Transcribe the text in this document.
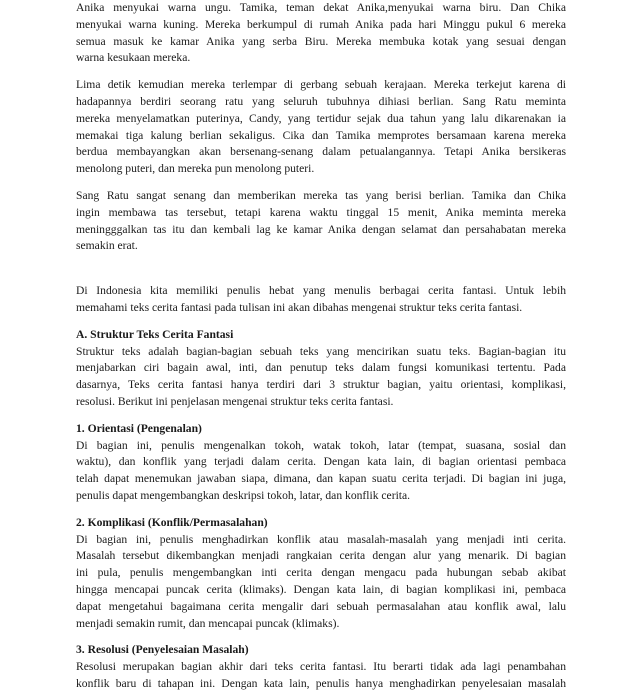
Anika menyukai warna ungu. Tamika, teman dekat Anika,menyukai warna biru. Dan Chika
menyukai warna kuning. Mereka berkumpul di rumah Anika pada hari Minggu pukul 6 mereka
semua masuk ke kamar Anika yang serba Biru. Mereka membuka kotak yang sesuai dengan
warna kesukaan mereka.
Lima detik kemudian mereka terlempar di gerbang sebuah kerajaan. Mereka terkejut karena di
hadapannya berdiri seorang ratu yang seluruh tubuhnya dihiasi berlian. Sang Ratu meminta
mereka menyelamatkan puterinya, Candy, yang tertidur sejak dua tahun yang lalu dikarenakan ia
memakai tiga kalung berlian sekaligus. Cika dan Tamika memprotes bersamaan karena mereka
berdua membayangkan akan bersenang-senang dalam petualangannya. Tetapi Anika bersikeras
menolong puteri, dan mereka pun menolong puteri.
Sang Ratu sangat senang dan memberikan mereka tas yang berisi berlian. Tamika dan Chika
ingin membawa tas tersebut, tetapi karena waktu tinggal 15 menit, Anika meminta mereka
meningggalkan tas itu dan kembali lag ke kamar Anika dengan selamat dan persahabatan mereka
semakin erat.
Di Indonesia kita memiliki penulis hebat yang menulis berbagai cerita fantasi. Untuk lebih
memahami teks cerita fantasi pada tulisan ini akan dibahas mengenai struktur teks cerita fantasi.
A. Struktur Teks Cerita Fantasi
Struktur teks adalah bagian-bagian sebuah teks yang mencirikan suatu teks. Bagian-bagian itu
menjabarkan ciri bagain awal, inti, dan penutup teks dalam fungsi komunikasi tertentu. Pada
dasarnya, Teks cerita fantasi hanya terdiri dari 3 struktur bagian, yaitu orientasi, komplikasi,
resolusi. Berikut ini penjelasan mengenai struktur teks cerita fantasi.
1. Orientasi (Pengenalan)
Di bagian ini, penulis mengenalkan tokoh, watak tokoh, latar (tempat, suasana, sosial dan
waktu), dan konflik yang terjadi dalam cerita. Dengan kata lain, di bagian orientasi pembaca
telah dapat menemukan jawaban siapa, dimana, dan kapan suatu cerita terjadi. Di bagian ini juga,
penulis dapat mengembangkan deskripsi tokoh, latar, dan konflik cerita.
2. Komplikasi (Konflik/Permasalahan)
Di bagian ini, penulis menghadirkan konflik atau masalah-masalah yang menjadi inti cerita.
Masalah tersebut dikembangkan menjadi rangkaian cerita dengan alur yang menarik. Di bagian
ini pula, penulis mengembangkan inti cerita dengan mengacu pada hubungan sebab akibat
hingga mencapai puncak cerita (klimaks). Dengan kata lain, di bagian komplikasi ini, pembaca
dapat mengetahui bagaimana cerita mengalir dari sebuah permasalahan atau konflik awal, lalu
menjadi semakin rumit, dan mencapai puncak (klimaks).
3. Resolusi (Penyelesaian Masalah)
Resolusi merupakan bagian akhir dari teks cerita fantasi. Itu berarti tidak ada lagi penambahan
konflik baru di tahapan ini. Dengan kata lain, penulis hanya menghadirkan penyelesaian masalah
